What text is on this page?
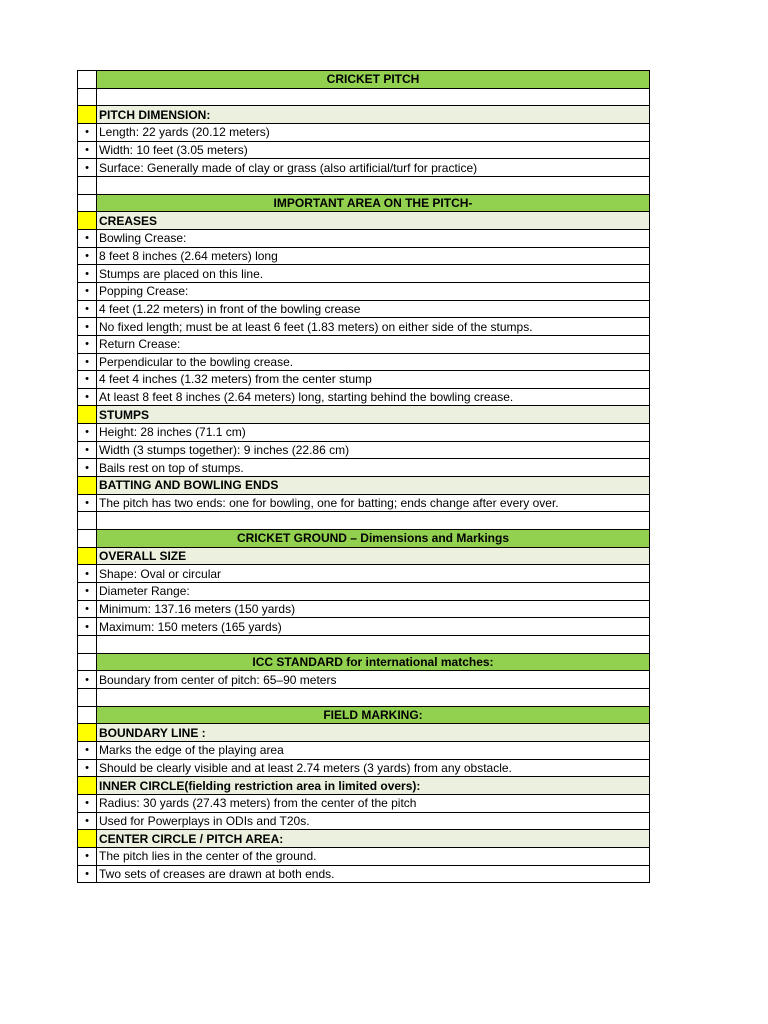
CRICKET PITCH
PITCH DIMENSION:
• Length: 22 yards (20.12 meters)
• Width: 10 feet (3.05 meters)
• Surface: Generally made of clay or grass (also artificial/turf for practice)
IMPORTANT AREA ON THE PITCH-
CREASES
• Bowling Crease:
• 8 feet 8 inches (2.64 meters) long
• Stumps are placed on this line.
• Popping Crease:
• 4 feet (1.22 meters) in front of the bowling crease
• No fixed length; must be at least 6 feet (1.83 meters) on either side of the stumps.
• Return Crease:
• Perpendicular to the bowling crease.
• 4 feet 4 inches (1.32 meters) from the center stump
• At least 8 feet 8 inches (2.64 meters) long, starting behind the bowling crease.
STUMPS
• Height: 28 inches (71.1 cm)
• Width (3 stumps together): 9 inches (22.86 cm)
• Bails rest on top of stumps.
BATTING AND BOWLING ENDS
• The pitch has two ends: one for bowling, one for batting; ends change after every over.
CRICKET GROUND – Dimensions and Markings
OVERALL SIZE
• Shape: Oval or circular
• Diameter Range:
• Minimum: 137.16 meters (150 yards)
• Maximum: 150 meters (165 yards)
ICC STANDARD for international matches:
• Boundary from center of pitch: 65–90 meters
FIELD MARKING:
BOUNDARY LINE :
• Marks the edge of the playing area
• Should be clearly visible and at least 2.74 meters (3 yards) from any obstacle.
INNER CIRCLE(fielding restriction area in limited overs):
• Radius: 30 yards (27.43 meters) from the center of the pitch
• Used for Powerplays in ODIs and T20s.
CENTER CIRCLE / PITCH AREA:
• The pitch lies in the center of the ground.
• Two sets of creases are drawn at both ends.
